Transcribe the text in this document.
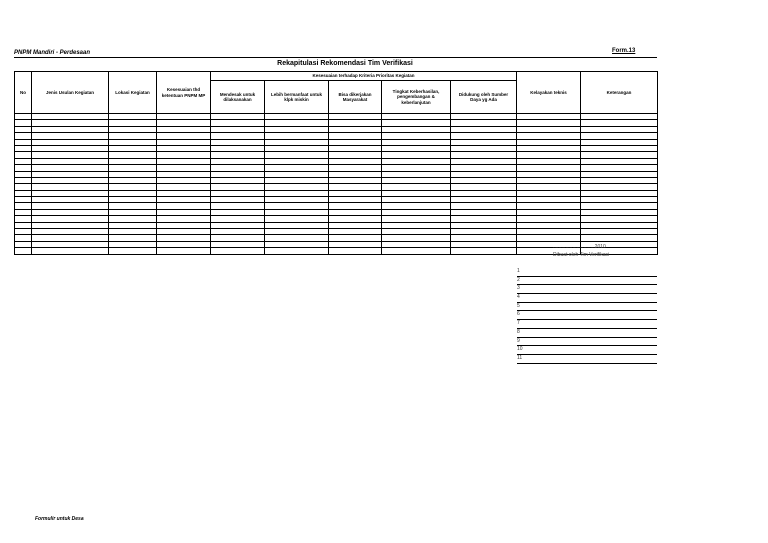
PNPM Mandiri - Perdesaan	Form.13
Rekapitulasi Rekomendasi Tim Verifikasi
No	Jenis Usulan Kegiatan	Lokasi Kegiatan	Kesesuaian thd ketentuan PNPM MP	Kesesuaian terhadap Kriteria Prioritas Kegiatan					Kelayakan teknis	Keterangan
				Mendesak untuk dilaksanakan	Lebih bermanfaat untuk klpk miskin	Bisa dikerjakan Masyarakat	Tingkat Keberhasilan, pengembangan & keberlanjutan	Didukung oleh Sumber Daya yg Ada		

..............................2010
Dibuat oleh Tim Verifikasi
1
2
3
4
5
6
7
8
9
10
11
Formulir untuk Desa
